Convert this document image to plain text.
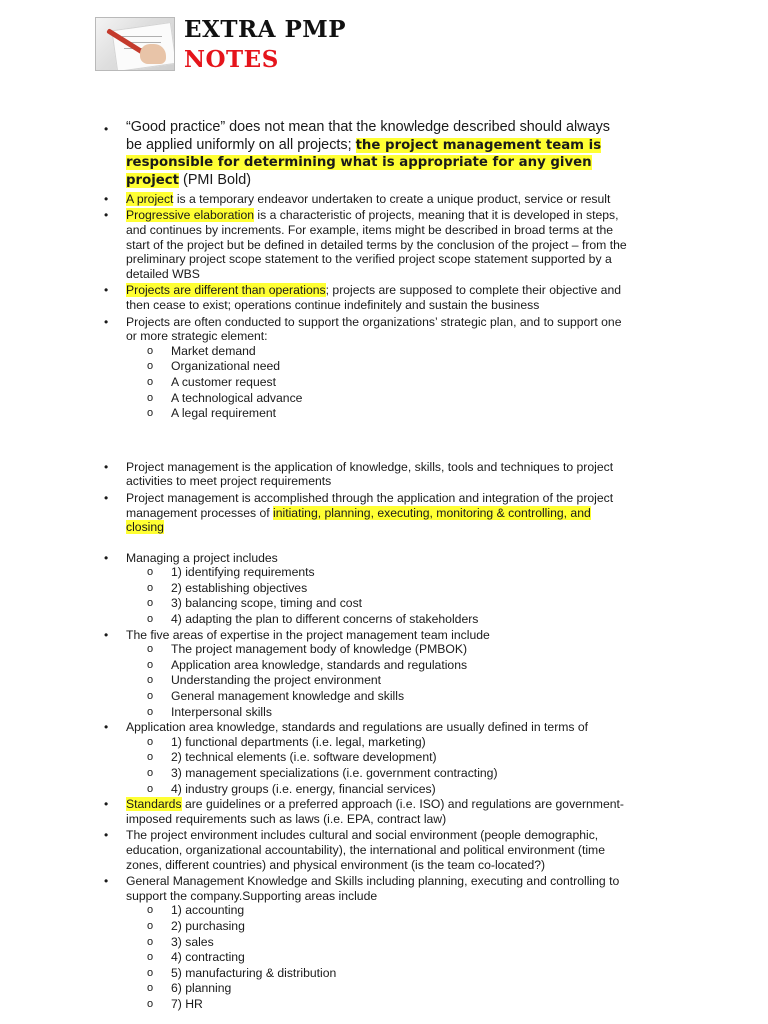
EXTRA PMP
NOTES
• “Good practice” does not mean that the knowledge described should always be applied uniformly on all projects; the project management team is responsible for determining what is appropriate for any given project (PMI Bold)
• A project is a temporary endeavor undertaken to create a unique product, service or result
• Progressive elaboration is a characteristic of projects, meaning that it is developed in steps, and continues by increments. For example, items might be described in broad terms at the start of the project but be defined in detailed terms by the conclusion of the project – from the preliminary project scope statement to the verified project scope statement supported by a detailed WBS
• Projects are different than operations; projects are supposed to complete their objective and then cease to exist; operations continue indefinitely and sustain the business
• Projects are often conducted to support the organizations’ strategic plan, and to support one or more strategic element:
o Market demand
o Organizational need
o A customer request
o A technological advance
o A legal requirement
• Project management is the application of knowledge, skills, tools and techniques to project activities to meet project requirements
• Project management is accomplished through the application and integration of the project management processes of initiating, planning, executing, monitoring & controlling, and closing
• Managing a project includes
o 1) identifying requirements
o 2) establishing objectives
o 3) balancing scope, timing and cost
o 4) adapting the plan to different concerns of stakeholders
• The five areas of expertise in the project management team include
o The project management body of knowledge (PMBOK)
o Application area knowledge, standards and regulations
o Understanding the project environment
o General management knowledge and skills
o Interpersonal skills
• Application area knowledge, standards and regulations are usually defined in terms of
o 1) functional departments (i.e. legal, marketing)
o 2) technical elements (i.e. software development)
o 3) management specializations (i.e. government contracting)
o 4) industry groups (i.e. energy, financial services)
• Standards are guidelines or a preferred approach (i.e. ISO) and regulations are government-imposed requirements such as laws (i.e. EPA, contract law)
• The project environment includes cultural and social environment (people demographic, education, organizational accountability), the international and political environment (time zones, different countries) and physical environment (is the team co-located?)
• General Management Knowledge and Skills including planning, executing and controlling to support the company.Supporting areas include
o 1) accounting
o 2) purchasing
o 3) sales
o 4) contracting
o 5) manufacturing & distribution
o 6) planning
o 7) HR
